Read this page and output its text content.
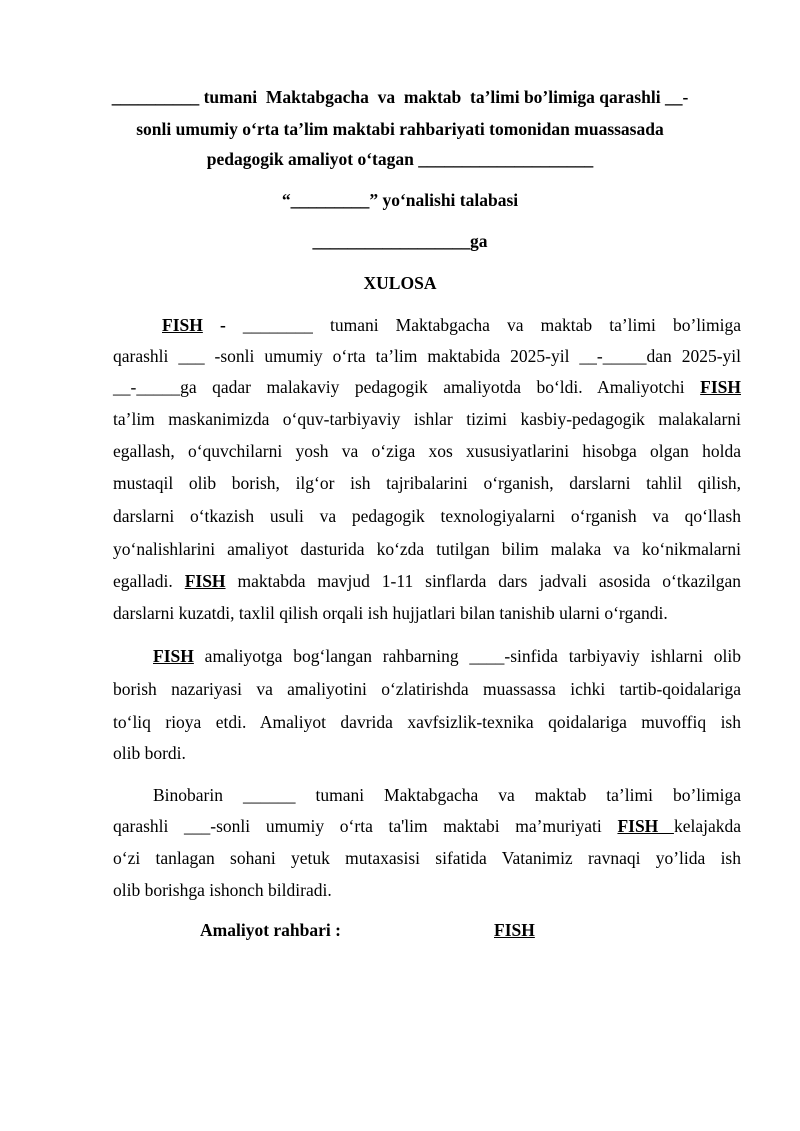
__________ tumani  Maktabgacha  va  maktab  ta’limi bo’limiga qarashli __-
sonli umumiy o‘rta ta’lim maktabi rahbariyati tomonidan muassasada
pedagogik amaliyot o‘tagan ____________________
“_________” yo‘nalishi talabasi
__________________ga
XULOSA
FISH - ________ tumani Maktabgacha va maktab ta’limi bo’limiga
qarashli ___ -sonli umumiy o‘rta ta’lim maktabida 2025-yil __-_____dan 2025-yil
__-_____ga qadar malakaviy pedagogik amaliyotda bo‘ldi. Amaliyotchi FISH
ta’lim maskanimizda o‘quv-tarbiyaviy ishlar tizimi kasbiy-pedagogik malakalarni
egallash, o‘quvchilarni yosh va o‘ziga xos xususiyatlarini hisobga olgan holda
mustaqil olib borish, ilg‘or ish tajribalarini o‘rganish, darslarni tahlil qilish,
darslarni o‘tkazish usuli va pedagogik texnologiyalarni o‘rganish va qo‘llash
yo‘nalishlarini amaliyot dasturida ko‘zda tutilgan bilim malaka va ko‘nikmalarni
egalladi. FISH maktabda mavjud 1-11 sinflarda dars jadvali asosida o‘tkazilgan
darslarni kuzatdi, taxlil qilish orqali ish hujjatlari bilan tanishib ularni o‘rgandi.
FISH amaliyotga bog‘langan rahbarning ____-sinfida tarbiyaviy ishlarni olib
borish nazariyasi va amaliyotini o‘zlatirishda muassassa ichki tartib-qoidalariga
to‘liq rioya etdi. Amaliyot davrida xavfsizlik-texnika qoidalariga muvoffiq ish
olib bordi.
Binobarin ______ tumani Maktabgacha va maktab ta’limi bo’limiga
qarashli ___-sonli umumiy o‘rta ta'lim maktabi ma’muriyati FISH kelajakda
o‘zi tanlagan sohani yetuk mutaxasisi sifatida Vatanimiz ravnaqi yo’lida ish
olib borishga ishonch bildiradi.
Amaliyot rahbari :	FISH
